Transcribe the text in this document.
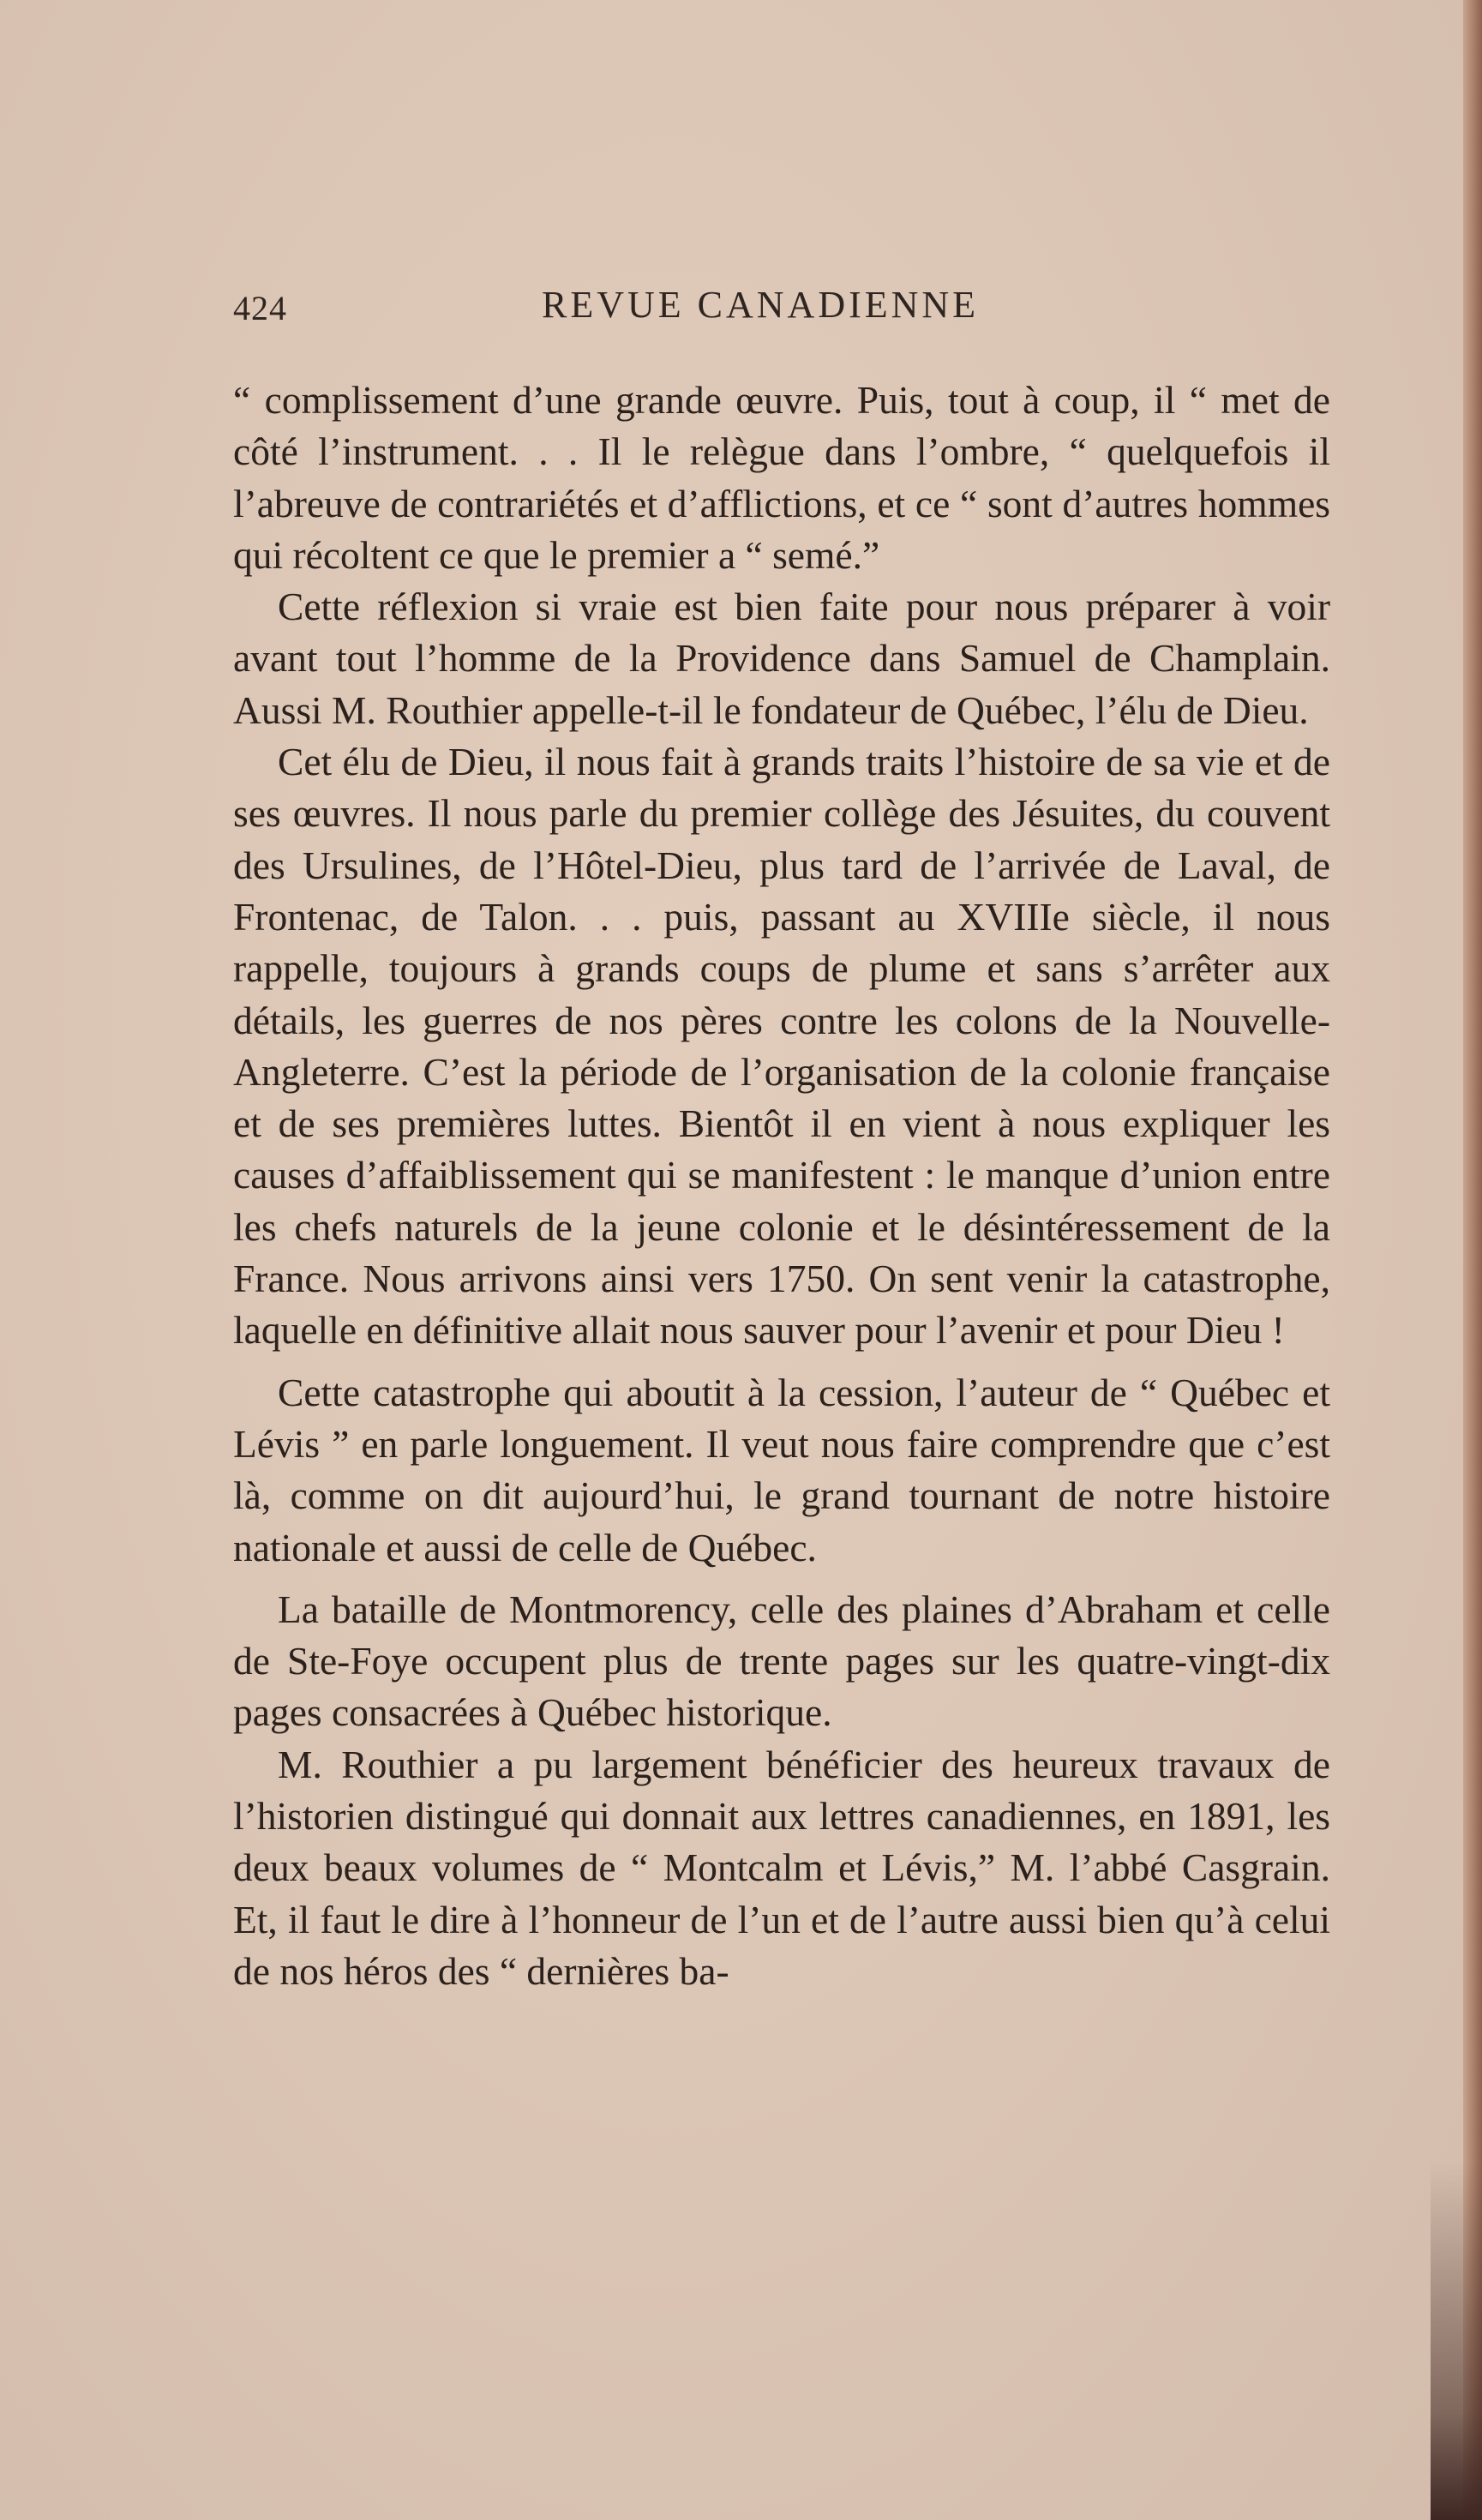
424	REVUE CANADIENNE

“ complissement d’une grande œuvre. Puis, tout à coup, il “ met de côté l’instrument. . . Il le relègue dans l’ombre, “ quelquefois il l’abreuve de contrariétés et d’afflictions, et ce “ sont d’autres hommes qui récoltent ce que le premier a “ semé.”

Cette réflexion si vraie est bien faite pour nous préparer à voir avant tout l’homme de la Providence dans Samuel de Champlain. Aussi M. Routhier appelle-t-il le fondateur de Québec, l’élu de Dieu.

Cet élu de Dieu, il nous fait à grands traits l’histoire de sa vie et de ses œuvres. Il nous parle du premier collège des Jésuites, du couvent des Ursulines, de l’Hôtel-Dieu, plus tard de l’arrivée de Laval, de Frontenac, de Talon. . . puis, passant au XVIIIe siècle, il nous rappelle, toujours à grands coups de plume et sans s’arrêter aux détails, les guerres de nos pères contre les colons de la Nouvelle-Angleterre. C’est la période de l’organisation de la colonie française et de ses premières luttes. Bientôt il en vient à nous expliquer les causes d’affaiblissement qui se manifestent : le manque d’union entre les chefs naturels de la jeune colonie et le désintéressement de la France. Nous arrivons ainsi vers 1750. On sent venir la catastrophe, laquelle en définitive allait nous sauver pour l’avenir et pour Dieu !

Cette catastrophe qui aboutit à la cession, l’auteur de “ Québec et Lévis ” en parle longuement. Il veut nous faire comprendre que c’est là, comme on dit aujourd’hui, le grand tournant de notre histoire nationale et aussi de celle de Québec.

La bataille de Montmorency, celle des plaines d’Abraham et celle de Ste-Foye occupent plus de trente pages sur les quatre-vingt-dix pages consacrées à Québec historique.

M. Routhier a pu largement bénéficier des heureux travaux de l’historien distingué qui donnait aux lettres canadiennes, en 1891, les deux beaux volumes de “ Montcalm et Lévis,” M. l’abbé Casgrain. Et, il faut le dire à l’honneur de l’un et de l’autre aussi bien qu’à celui de nos héros des “ dernières ba-
